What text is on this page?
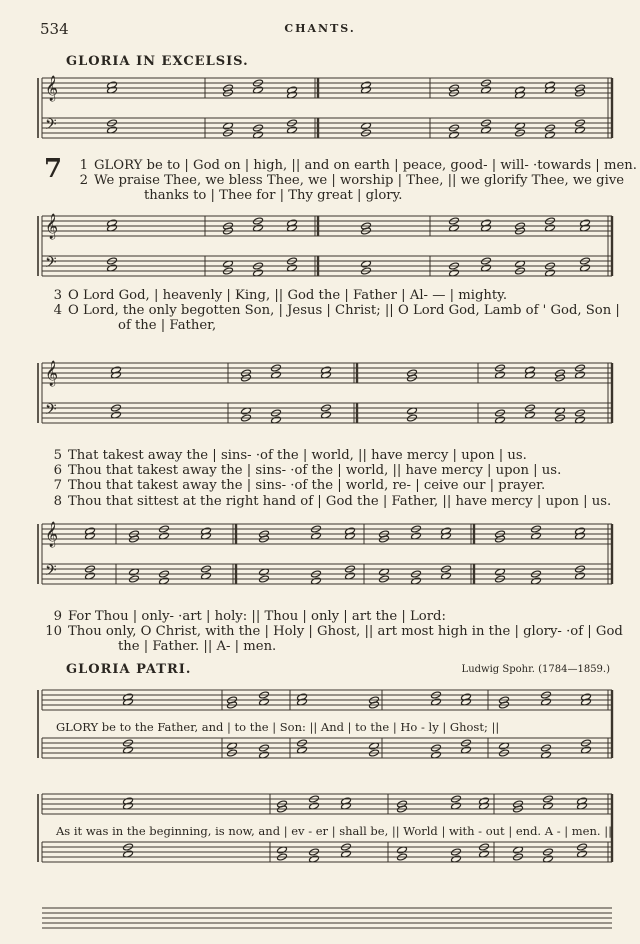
534	CHANTS.
GLORIA IN EXCELSIS.
𝄞
𝄢
𝄞
𝄢
𝄞
𝄢
𝄞
𝄢
7	1 GLORY be to | God on | high, || and on earth | peace, good- | will- ·towards | men.
2 We praise Thee, we bless Thee, we | worship | Thee, || we glorify Thee, we give
thanks to | Thee for | Thy great | glory.
3 O Lord God, | heavenly | King, || God the | Father | Al- — | mighty.
4 O Lord, the only begotten Son, | Jesus | Christ; || O Lord God, Lamb of ' God, Son |
of the | Father,
5 That takest away the | sins- ·of the | world, || have mercy | upon | us.
6 Thou that takest away the | sins- ·of the | world, || have mercy | upon | us.
7 Thou that takest away the | sins- ·of the | world, re- | ceive our | prayer.
8 Thou that sittest at the right hand of | God the | Father, || have mercy | upon | us.
9 For Thou | only- ·art | holy: || Thou | only | art the | Lord:
10 Thou only, O Christ, with the | Holy | Ghost, || art most high in the | glory- ·of | God
the | Father. || A- | men.
GLORIA PATRI.	Ludwig Spohr. (1784—1859.)
GLORY be to the Father, and | to the | Son: || And | to the | Ho - ly | Ghost; ||
As it was in the beginning, is now, and | ev - er | shall be, || World | with - out | end. A - | men. ||
